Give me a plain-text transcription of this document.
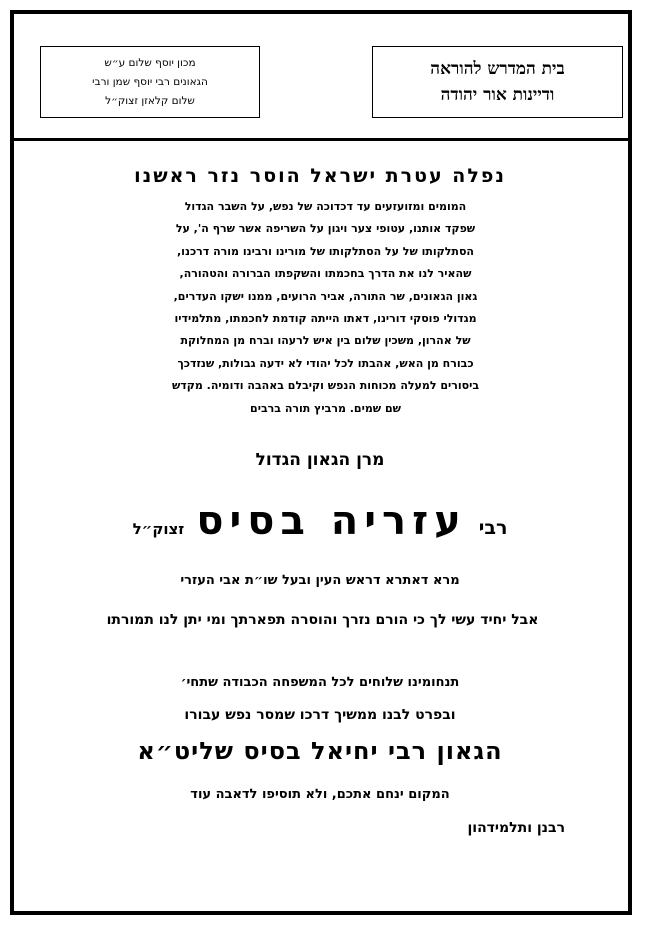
בית המדרש להוראה
ודיינות אור יהודה
מכון יוסף שלום ע״ש
הגאונים רבי יוסף שמן ורבי
שלום קלאזן זצוק״ל
נפלה עטרת ישראל הוסר נזר ראשנו
המומים ומזועזעים עד דכדוכה של נפש, על השבר הגדול
שפקד אותנו, עטופי צער ויגון על השריפה אשר שרף ה', על
הסתלקותו של על הסתלקותו של מורינו ורבינו מורה דרכנו,
שהאיר לנו את הדרך בחכמתו והשקפתו הברורה והטהורה,
גאון הגאונים, שר התורה, אביר הרועים, ממנו ישקו העדרים,
מגדולי פוסקי דורינו, דאתו הייתה קודמת לחכמתו, מתלמידיו
של אהרון, משכין שלום בין איש לרעהו וברח מן המחלוקת
כבורח מן האש, אהבתו לכל יהודי לא ידעה גבולות, שנזדכך
ביסורים למעלה מכוחות הנפש וקיבלם באהבה ודומיה. מקדש
שם שמים. מרביץ תורה ברבים
מרן הגאון הגדול
רביעזריה בסיסזצוק״ל
מרא דאתרא דראש העין ובעל שו״ת אבי העזרי
אבל יחיד עשי לך כי הורם נזרך והוסרה תפארתך ומי יתן לנו תמורתו
תנחומינו שלוחים לכל המשפחה הכבודה שתחי׳
ובפרט לבנו ממשיך דרכו שמסר נפש עבורו
הגאון רבי יחיאל בסיס שליט״א
המקום ינחם אתכם, ולא תוסיפו לדאבה עוד
רבנן ותלמידהון
